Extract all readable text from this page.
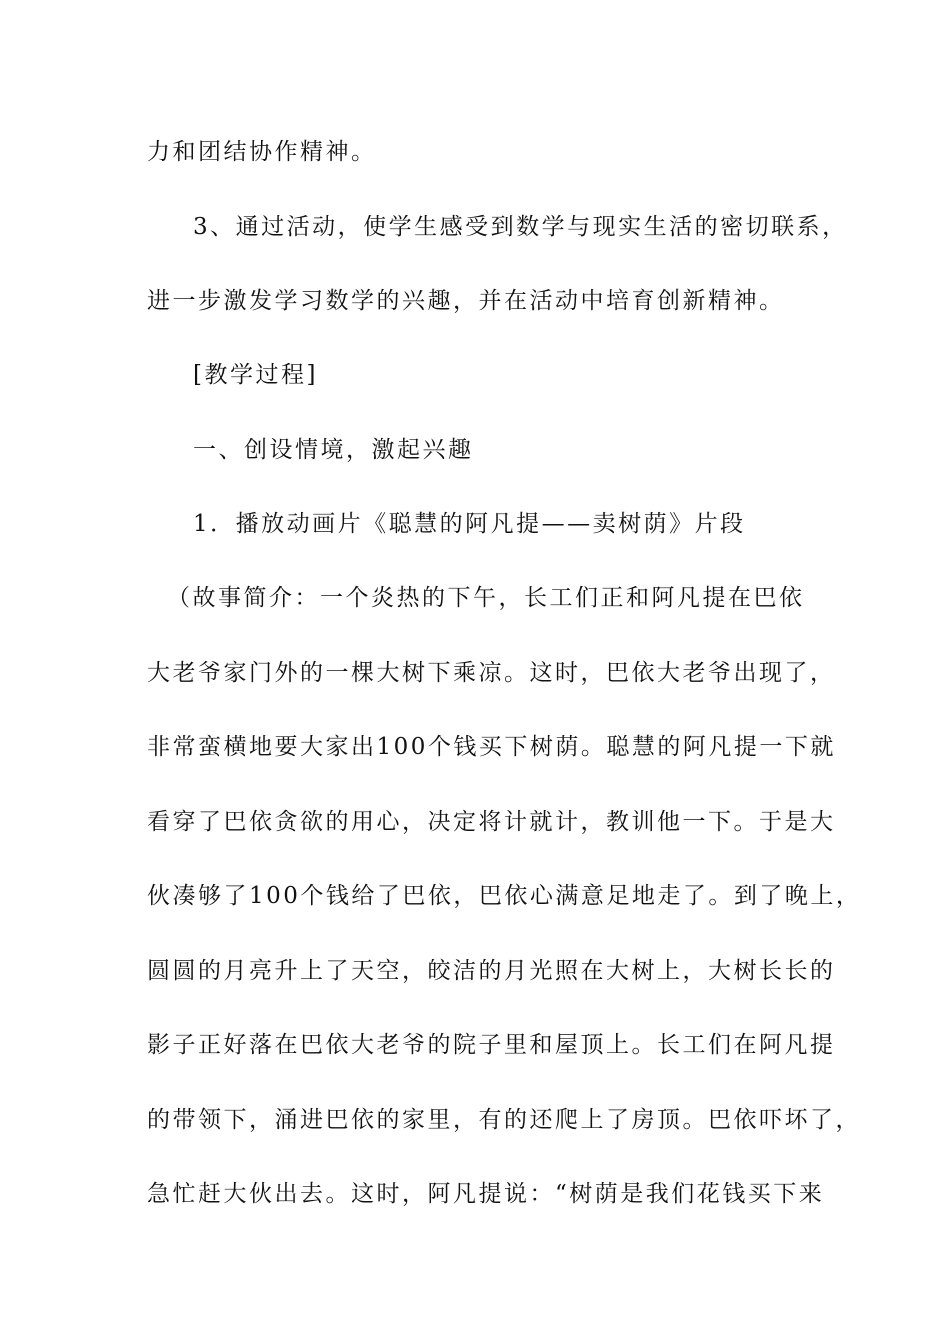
力和团结协作精神。
3、通过活动，使学生感受到数学与现实生活的密切联系，
进一步激发学习数学的兴趣，并在活动中培育创新精神。
[教学过程]
一、创设情境，激起兴趣
1．播放动画片《聪慧的阿凡提——卖树荫》片段
（故事简介：一个炎热的下午，长工们正和阿凡提在巴依
大老爷家门外的一棵大树下乘凉。这时，巴依大老爷出现了，
非常蛮横地要大家出100个钱买下树荫。聪慧的阿凡提一下就
看穿了巴依贪欲的用心，决定将计就计，教训他一下。于是大
伙凑够了100个钱给了巴依，巴依心满意足地走了。到了晚上，
圆圆的月亮升上了天空，皎洁的月光照在大树上，大树长长的
影子正好落在巴依大老爷的院子里和屋顶上。长工们在阿凡提
的带领下，涌进巴依的家里，有的还爬上了房顶。巴依吓坏了，
急忙赶大伙出去。这时，阿凡提说：“树荫是我们花钱买下来
